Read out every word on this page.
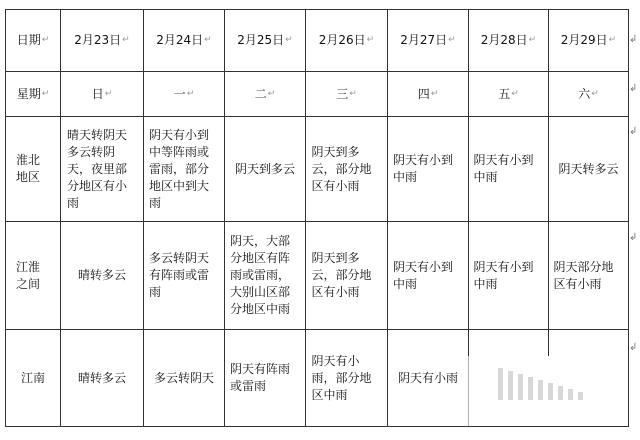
日期↵	2月23日↵	2月24日↵	2月25日↵	2月26日↵	2月27日↵	2月28日↵	2月29日↵
星期↵	日↵	一↵	二↵	三↵	四↵	五↵	六↵
淮北地区	晴天转阴天多云转阴天，夜里部分地区有小雨	阴天有小到中等阵雨或雷雨，部分地区中到大雨	阴天到多云	阴天到多云，部分地区有小雨	阴天有小到中雨	阴天有小到中雨	阴天转多云
江淮之间	晴转多云	多云转阴天有阵雨或雷雨	阴天，大部分地区有阵雨或雷雨，大别山区部分地区中雨	阴天到多云，部分地区有小雨	阴天有小到中雨	阴天有小到中雨	阴天部分地区有小雨
江南	晴转多云	多云转阴天	阴天有阵雨或雷雨	阴天有小雨，部分地区中雨	阴天有小雨		
↲
↲
↲
↲
↲
